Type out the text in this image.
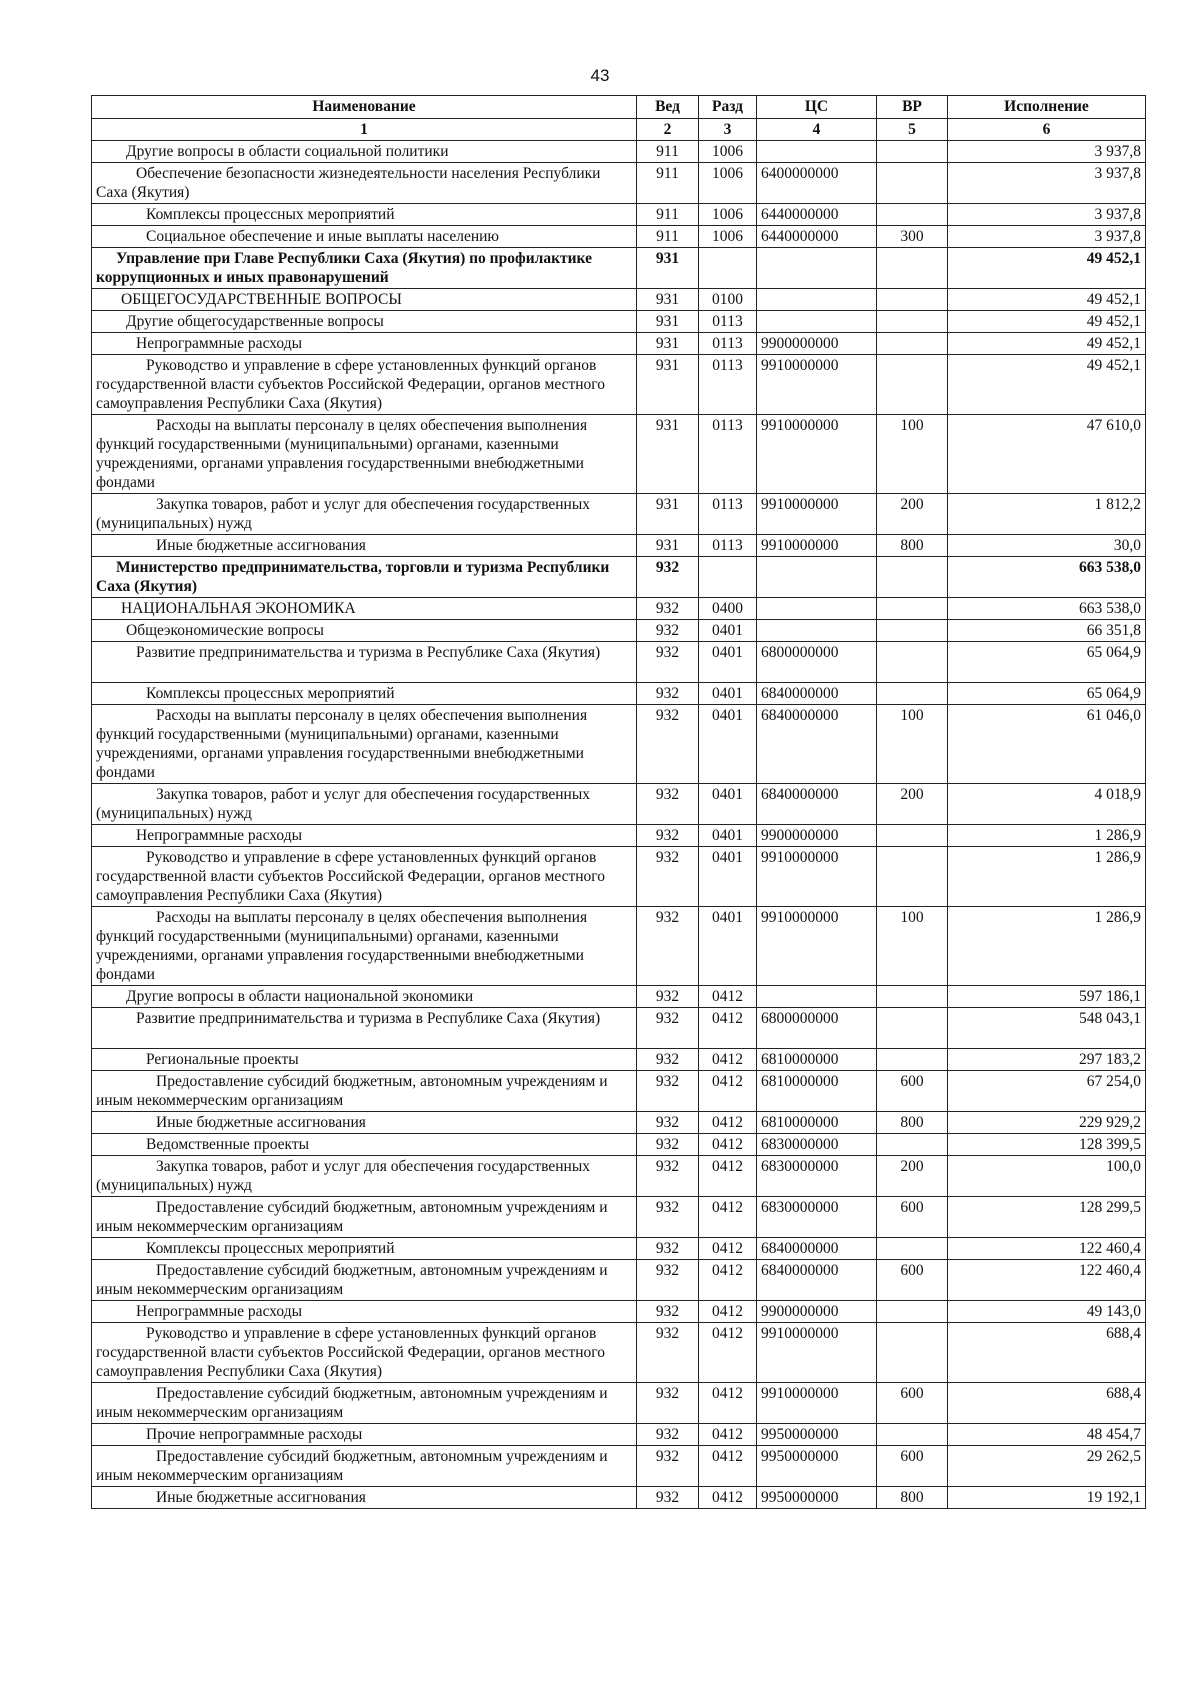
43
Наименование	Вед	Разд	ЦС	ВР	Исполнение
1	2	3	4	5	6
Другие вопросы в области социальной политики	911	1006			3 937,8
Обеспечение безопасности жизнедеятельности населения Республики Саха (Якутия)	911	1006	6400000000		3 937,8
Комплексы процессных мероприятий	911	1006	6440000000		3 937,8
Социальное обеспечение и иные выплаты населению	911	1006	6440000000	300	3 937,8
Управление при Главе Республики Саха (Якутия) по профилактике коррупционных и иных правонарушений	931				49 452,1
ОБЩЕГОСУДАРСТВЕННЫЕ ВОПРОСЫ	931	0100			49 452,1
Другие общегосударственные вопросы	931	0113			49 452,1
Непрограммные расходы	931	0113	9900000000		49 452,1
Руководство и управление в сфере установленных функций органов государственной власти субъектов Российской Федерации, органов местного самоуправления Республики Саха (Якутия)	931	0113	9910000000		49 452,1
Расходы на выплаты персоналу в целях обеспечения выполнения функций государственными (муниципальными) органами, казенными учреждениями, органами управления государственными внебюджетными фондами	931	0113	9910000000	100	47 610,0
Закупка товаров, работ и услуг для обеспечения государственных (муниципальных) нужд	931	0113	9910000000	200	1 812,2
Иные бюджетные ассигнования	931	0113	9910000000	800	30,0
Министерство предпринимательства, торговли и туризма Республики Саха (Якутия)	932				663 538,0
НАЦИОНАЛЬНАЯ ЭКОНОМИКА	932	0400			663 538,0
Общеэкономические вопросы	932	0401			66 351,8
Развитие предпринимательства и туризма в Республике Саха (Якутия)	932	0401	6800000000		65 064,9
Комплексы процессных мероприятий	932	0401	6840000000		65 064,9
Расходы на выплаты персоналу в целях обеспечения выполнения функций государственными (муниципальными) органами, казенными учреждениями, органами управления государственными внебюджетными фондами	932	0401	6840000000	100	61 046,0
Закупка товаров, работ и услуг для обеспечения государственных (муниципальных) нужд	932	0401	6840000000	200	4 018,9
Непрограммные расходы	932	0401	9900000000		1 286,9
Руководство и управление в сфере установленных функций органов государственной власти субъектов Российской Федерации, органов местного самоуправления Республики Саха (Якутия)	932	0401	9910000000		1 286,9
Расходы на выплаты персоналу в целях обеспечения выполнения функций государственными (муниципальными) органами, казенными учреждениями, органами управления государственными внебюджетными фондами	932	0401	9910000000	100	1 286,9
Другие вопросы в области национальной экономики	932	0412			597 186,1
Развитие предпринимательства и туризма в Республике Саха (Якутия)	932	0412	6800000000		548 043,1
Региональные проекты	932	0412	6810000000		297 183,2
Предоставление субсидий бюджетным, автономным учреждениям и иным некоммерческим организациям	932	0412	6810000000	600	67 254,0
Иные бюджетные ассигнования	932	0412	6810000000	800	229 929,2
Ведомственные проекты	932	0412	6830000000		128 399,5
Закупка товаров, работ и услуг для обеспечения государственных (муниципальных) нужд	932	0412	6830000000	200	100,0
Предоставление субсидий бюджетным, автономным учреждениям и иным некоммерческим организациям	932	0412	6830000000	600	128 299,5
Комплексы процессных мероприятий	932	0412	6840000000		122 460,4
Предоставление субсидий бюджетным, автономным учреждениям и иным некоммерческим организациям	932	0412	6840000000	600	122 460,4
Непрограммные расходы	932	0412	9900000000		49 143,0
Руководство и управление в сфере установленных функций органов государственной власти субъектов Российской Федерации, органов местного самоуправления Республики Саха (Якутия)	932	0412	9910000000		688,4
Предоставление субсидий бюджетным, автономным учреждениям и иным некоммерческим организациям	932	0412	9910000000	600	688,4
Прочие непрограммные расходы	932	0412	9950000000		48 454,7
Предоставление субсидий бюджетным, автономным учреждениям и иным некоммерческим организациям	932	0412	9950000000	600	29 262,5
Иные бюджетные ассигнования	932	0412	9950000000	800	19 192,1
